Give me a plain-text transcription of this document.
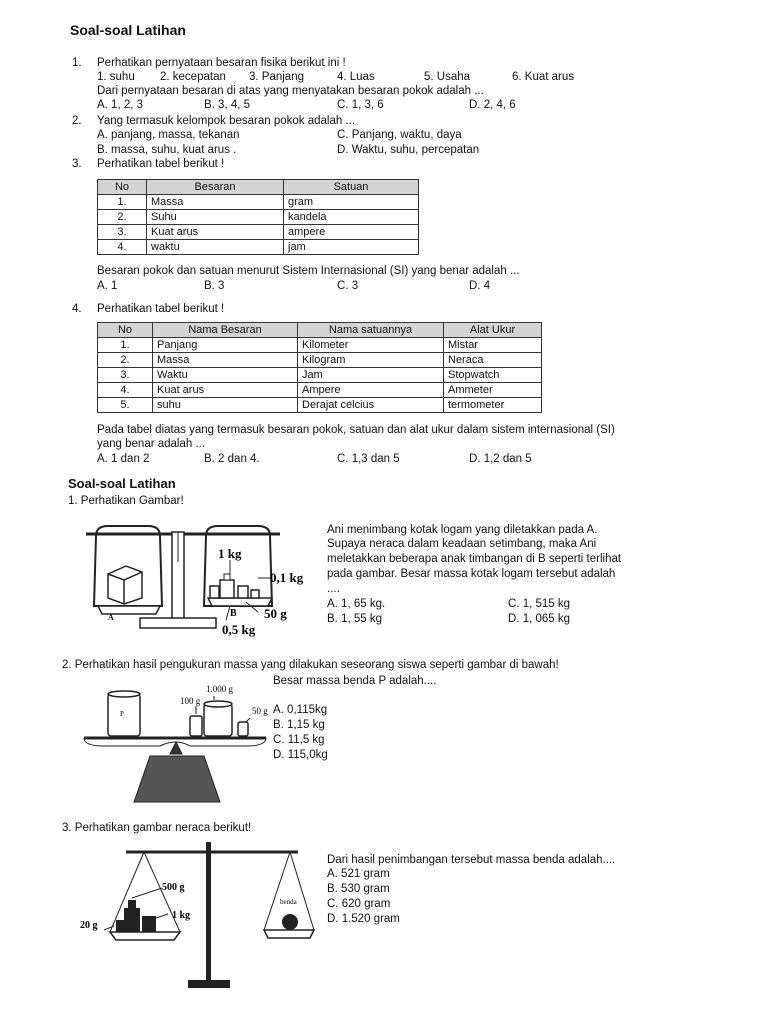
Soal-soal Latihan
1. Perhatikan pernyataan besaran fisika berikut ini !
1. suhu 2. kecepatan 3. Panjang	4. Luas	5. Usaha	6. Kuat arus
Dari pernyataan besaran di atas yang menyatakan besaran pokok adalah ...
A. 1, 2, 3	B. 3, 4, 5	C. 1, 3, 6	D. 2, 4, 6
2. Yang termasuk kelompok besaran pokok adalah ...
A. panjang, massa, tekanan	C. Panjang, waktu, daya
B. massa, suhu, kuat arus .	D. Waktu, suhu, percepatan
3. Perhatikan tabel berikut !
No	Besaran	Satuan
1.	Massa	gram
2.	Suhu	kandela
3.	Kuat arus	ampere
4.	waktu	jam
Besaran pokok dan satuan menurut Sistem Internasional (SI) yang benar adalah ...
A. 1	B. 3	C. 3	D. 4
4. Perhatikan tabel berikut !
No	Nama Besaran	Nama satuannya	Alat Ukur
1.	Panjang	Kilometer	Mistar
2.	Massa	Kilogram	Neraca
3.	Waktu	Jam	Stopwatch
4.	Kuat arus	Ampere	Ammeter
5.	suhu	Derajat celcius	termometer
Pada tabel diatas yang termasuk besaran pokok, satuan dan alat ukur dalam sistem internasional (SI)
yang benar adalah ...
A. 1 dan 2	B. 2 dan 4.	C. 1,3 dan 5	D. 1,2 dan 5
Soal-soal Latihan
1. Perhatikan Gambar!
1 kg
0,1 kg
50 g
0,5 kg
A	B
Ani menimbang kotak logam yang diletakkan pada A.
Supaya neraca dalam keadaan setimbang, maka Ani
meletakkan beberapa anak timbangan di B seperti terlihat
pada gambar. Besar massa kotak logam tersebut adalah
....
A. 1, 65 kg.	C. 1, 515 kg
B. 1, 55 kg	D. 1, 065 kg
2. Perhatikan hasil pengukuran massa yang dilakukan seseorang siswa seperti gambar di bawah!
Besar massa benda P adalah....
P
1.000 g
100 g
50 g A. 0,115kg
B. 1,15 kg
C. 11,5 kg
D. 115,0kg
3. Perhatikan gambar neraca berikut!
500 g
1 kg
20 g
benda
Dari hasil penimbangan tersebut massa benda adalah....
A. 521 gram
B. 530 gram
C. 620 gram
D. 1.520 gram
